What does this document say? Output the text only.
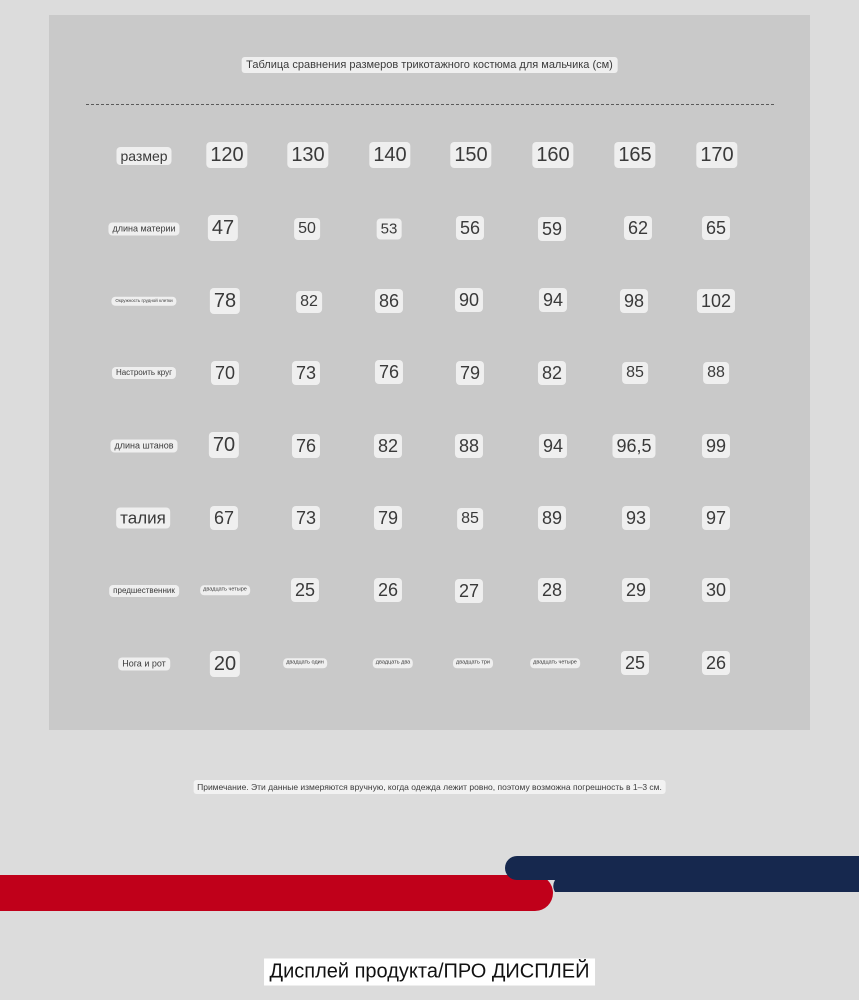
Таблица сравнения размеров трикотажного костюма для мальчика (см)
размер 120 130 140 150 160 165 170
длина материи 47	50	53	56	59	62	65
Окружность грудной клетки 78	82	86	90	94	98	102
Настроить круг 70	73	76	79	82	85	88
длина штанов 70	76	82	88	94	96,5	99
талия	67	73	79	85	89	93	97
предшественник	двадцать четыре	25	26	27	28	29	30
Нога и рот 20	двадцать один	двадцать два	двадцать три	двадцать четыре	25	26
Примечание. Эти данные измеряются вручную, когда одежда лежит ровно, поэтому возможна погрешность в 1–3 см.
Дисплей продукта/ПРО ДИСПЛЕЙ
